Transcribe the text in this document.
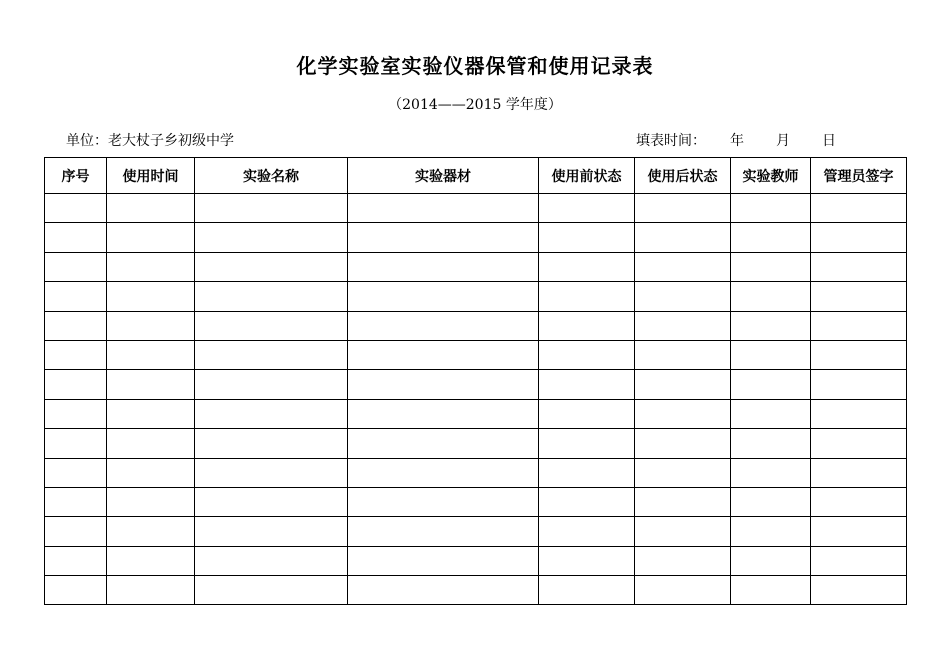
化学实验室实验仪器保管和使用记录表
（2014——2015 学年度）
单位：老大杖子乡初级中学	填表时间： 年 月 日
序号	使用时间	实验名称	实验器材	使用前状态	使用后状态	实验教师	管理员签字
